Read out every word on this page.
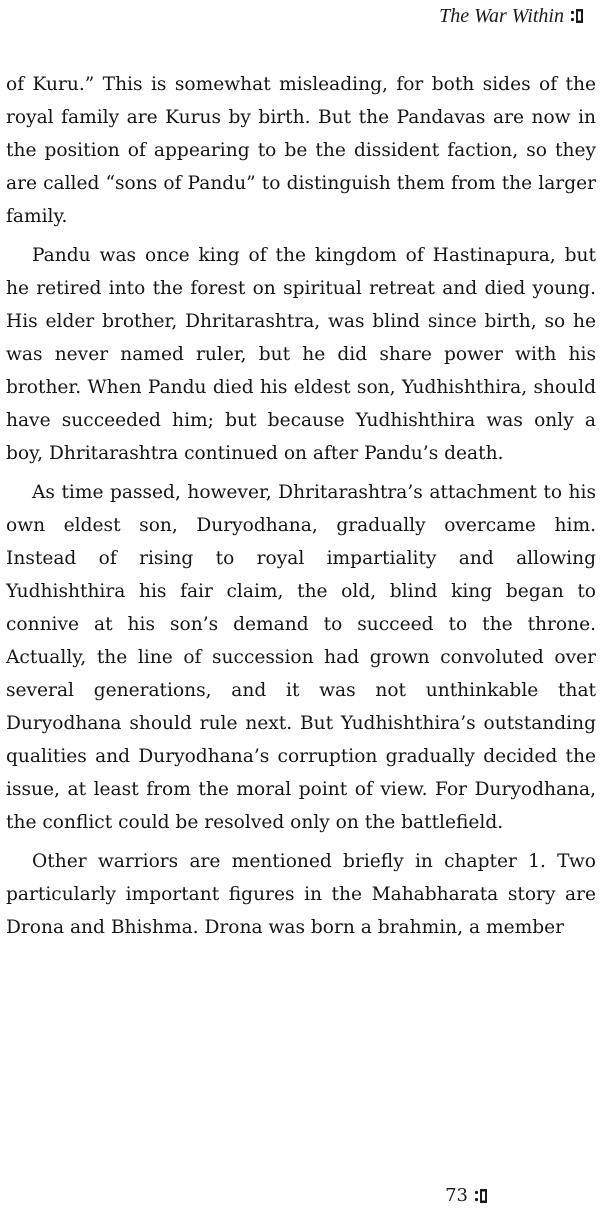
The War Within

of Kuru.” This is somewhat misleading, for both sides of the royal family are Kurus by birth. But the Pandavas are now in the position of appearing to be the dissident faction, so they are called “sons of Pandu” to distinguish them from the larger family.

Pandu was once king of the kingdom of Hastinapura, but he retired into the forest on spiritual retreat and died young. His elder brother, Dhritarashtra, was blind since birth, so he was never named ruler, but he did share power with his brother. When Pandu died his eldest son, Yudhishthira, should have succeeded him; but because Yudhishthira was only a boy, Dhritarashtra continued on after Pandu’s death.

As time passed, however, Dhritarashtra’s attachment to his own eldest son, Duryodhana, gradually overcame him. Instead of rising to royal impartiality and allowing Yudhishthira his fair claim, the old, blind king began to connive at his son’s demand to succeed to the throne. Actually, the line of succession had grown convoluted over several generations, and it was not unthinkable that Duryodhana should rule next. But Yudhishthira’s outstanding qualities and Duryodhana’s corruption gradually decided the issue, at least from the moral point of view. For Duryodhana, the conflict could be resolved only on the battlefield.

Other warriors are mentioned briefly in chapter 1. Two particularly important figures in the Mahabharata story are Drona and Bhishma. Drona was born a brahmin, a member

73
